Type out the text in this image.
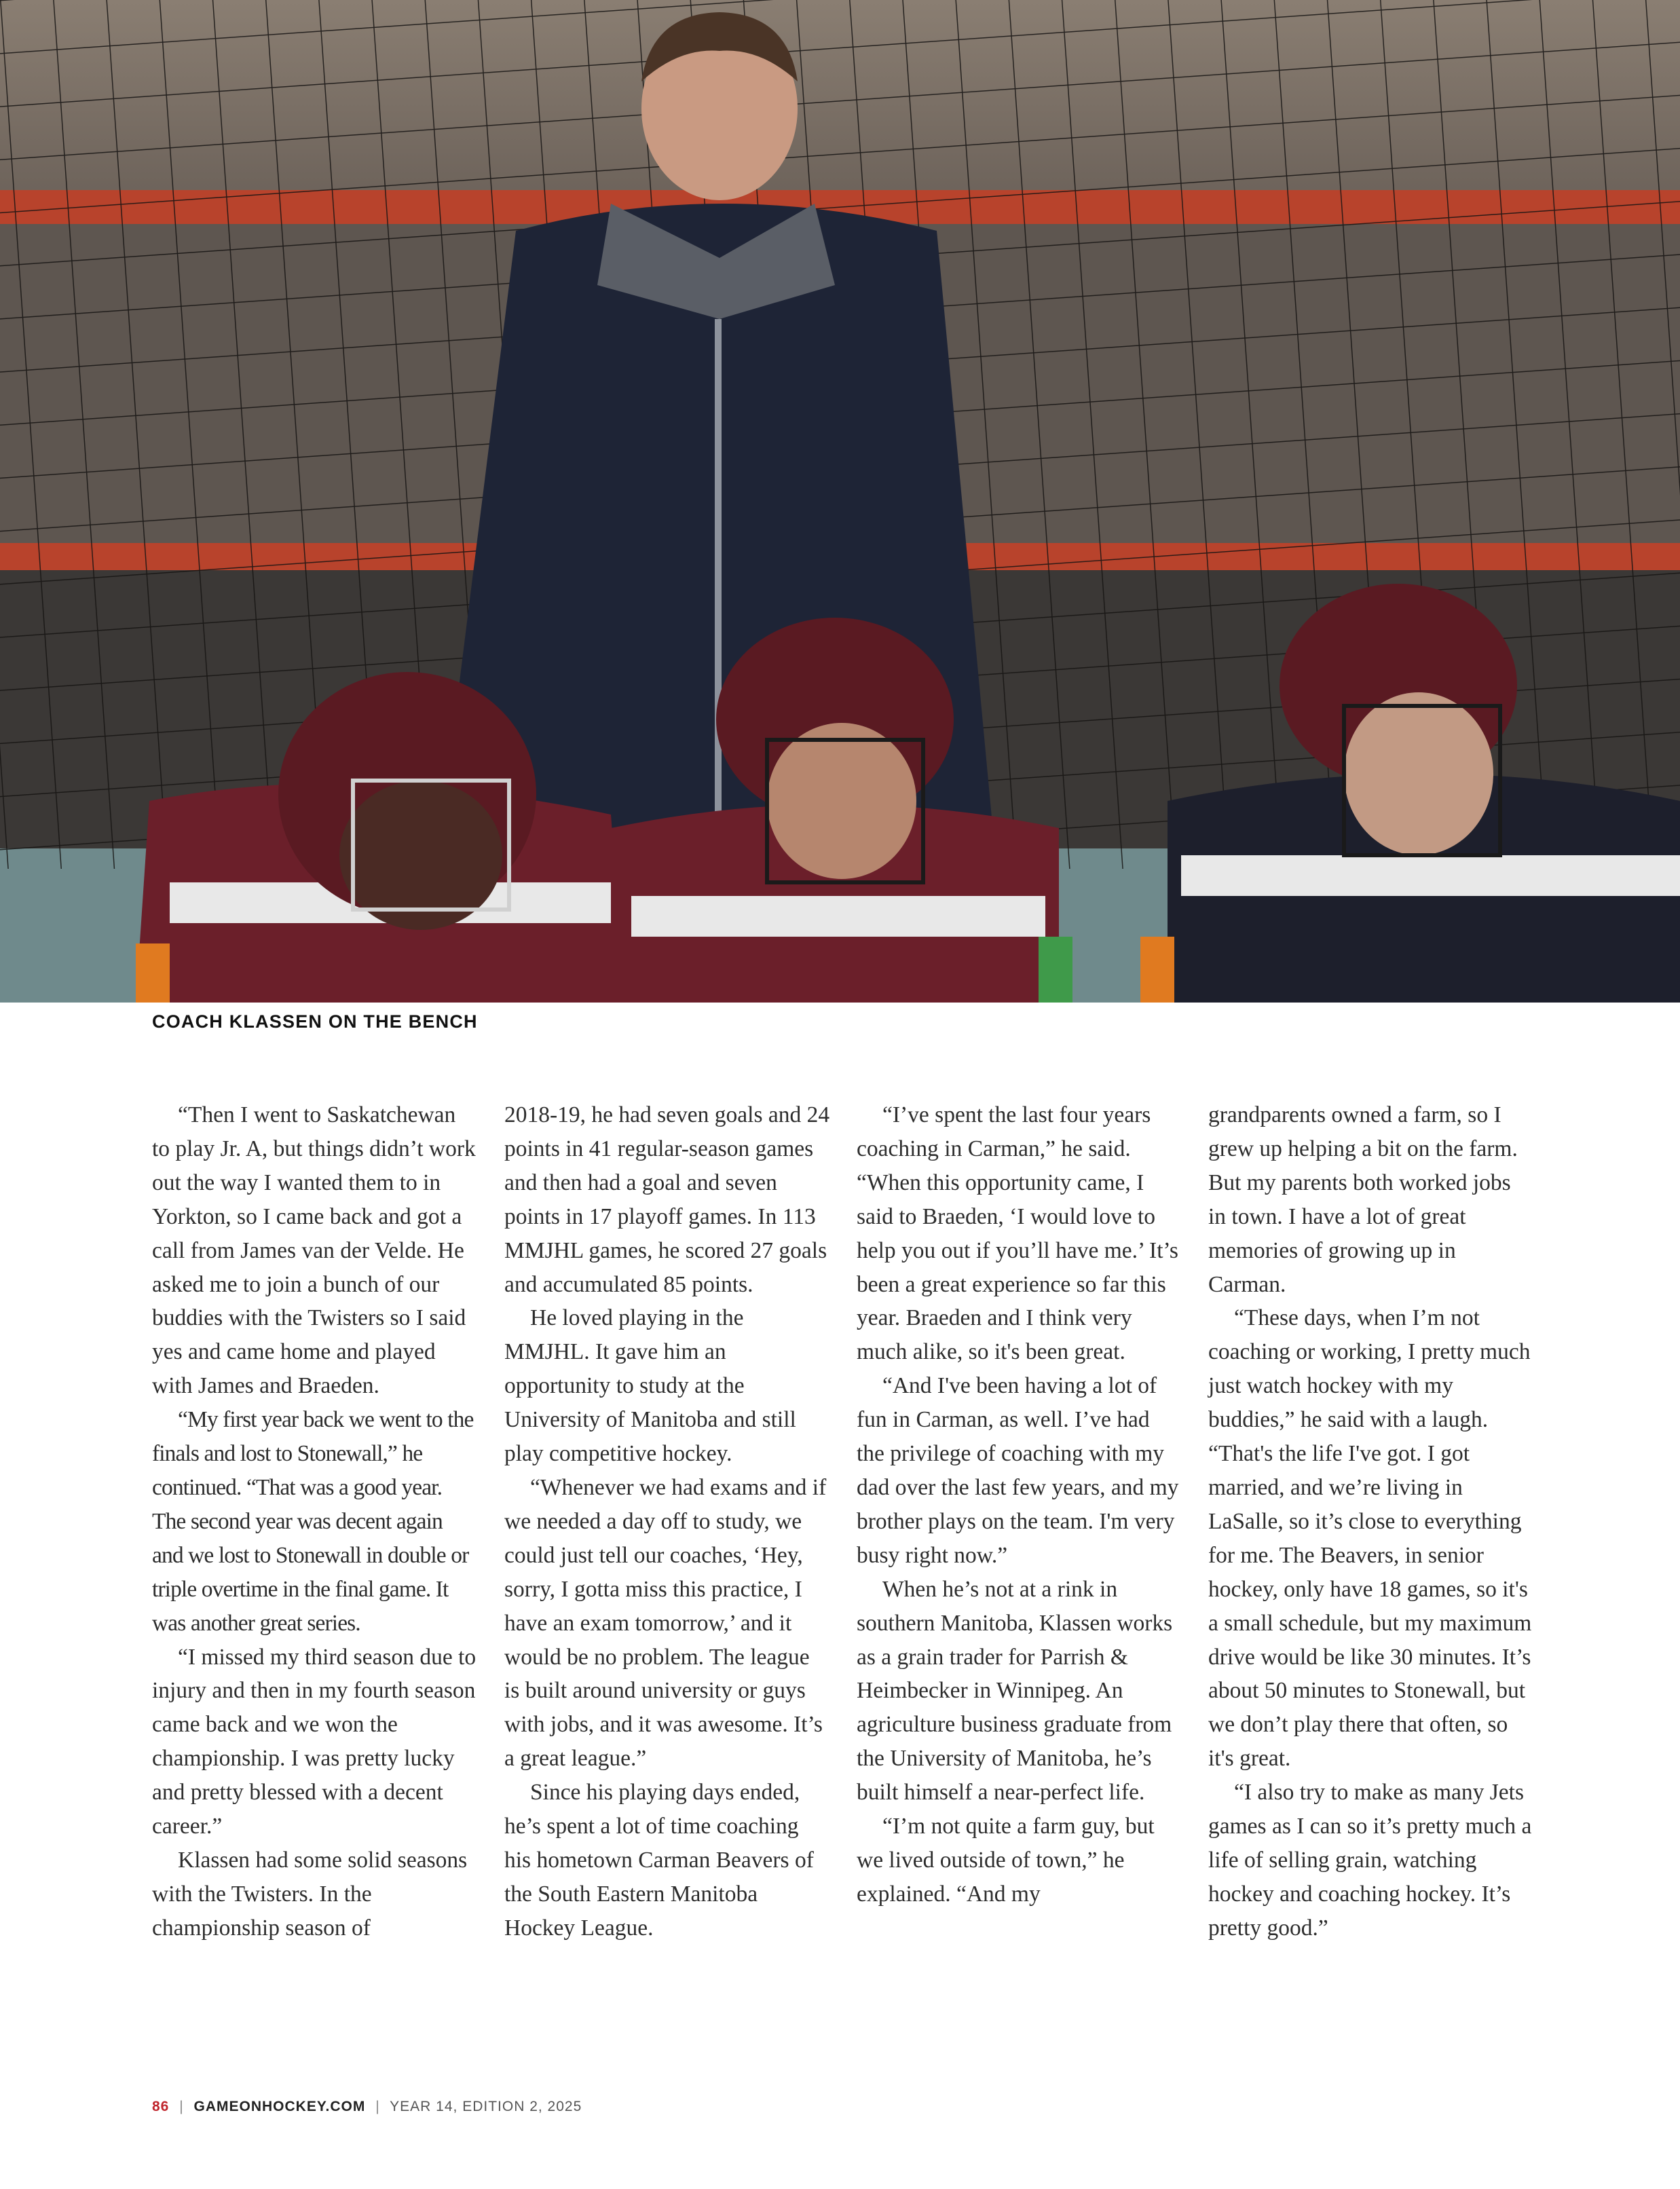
COACH KLASSEN ON THE BENCH

“Then I went to Saskatchewan to play Jr. A, but things didn’t work out the way I wanted them to in Yorkton, so I came back and got a call from James van der Velde. He asked me to join a bunch of our buddies with the Twisters so I said yes and came home and played with James and Braeden.

“My first year back we went to the finals and lost to Stonewall,” he continued. “That was a good year. The second year was decent again and we lost to Stonewall in double or triple overtime in the final game. It was another great series.

“I missed my third season due to injury and then in my fourth season came back and we won the championship. I was pretty lucky and pretty blessed with a decent career.”

Klassen had some solid seasons with the Twisters. In the championship season of

2018-19, he had seven goals and 24 points in 41 regular-season games and then had a goal and seven points in 17 playoff games. In 113 MMJHL games, he scored 27 goals and accumulated 85 points.

He loved playing in the MMJHL. It gave him an opportunity to study at the University of Manitoba and still play competitive hockey.

“Whenever we had exams and if we needed a day off to study, we could just tell our coaches, ‘Hey, sorry, I gotta miss this practice, I have an exam tomorrow,’ and it would be no problem. The league is built around university or guys with jobs, and it was awesome. It’s a great league.”

Since his playing days ended, he’s spent a lot of time coaching his hometown Carman Beavers of the South Eastern Manitoba Hockey League.

“I’ve spent the last four years coaching in Carman,” he said. “When this opportunity came, I said to Braeden, ‘I would love to help you out if you’ll have me.’ It’s been a great experience so far this year. Braeden and I think very much alike, so it's been great.

“And I've been having a lot of fun in Carman, as well. I’ve had the privilege of coaching with my dad over the last few years, and my brother plays on the team. I'm very busy right now.”

When he’s not at a rink in southern Manitoba, Klassen works as a grain trader for Parrish & Heimbecker in Winnipeg. An agriculture business graduate from the University of Manitoba, he’s built himself a near-perfect life.

“I’m not quite a farm guy, but we lived outside of town,” he explained. “And my

grandparents owned a farm, so I grew up helping a bit on the farm. But my parents both worked jobs in town. I have a lot of great memories of growing up in Carman.

“These days, when I’m not coaching or working, I pretty much just watch hockey with my buddies,” he said with a laugh. “That's the life I've got. I got married, and we’re living in LaSalle, so it’s close to everything for me. The Beavers, in senior hockey, only have 18 games, so it's a small schedule, but my maximum drive would be like 30 minutes. It’s about 50 minutes to Stonewall, but we don’t play there that often, so it's great.

“I also try to make as many Jets games as I can so it’s pretty much a life of selling grain, watching hockey and coaching hockey. It’s pretty good.”

86 | GAMEONHOCKEY.COM | YEAR 14, EDITION 2, 2025
